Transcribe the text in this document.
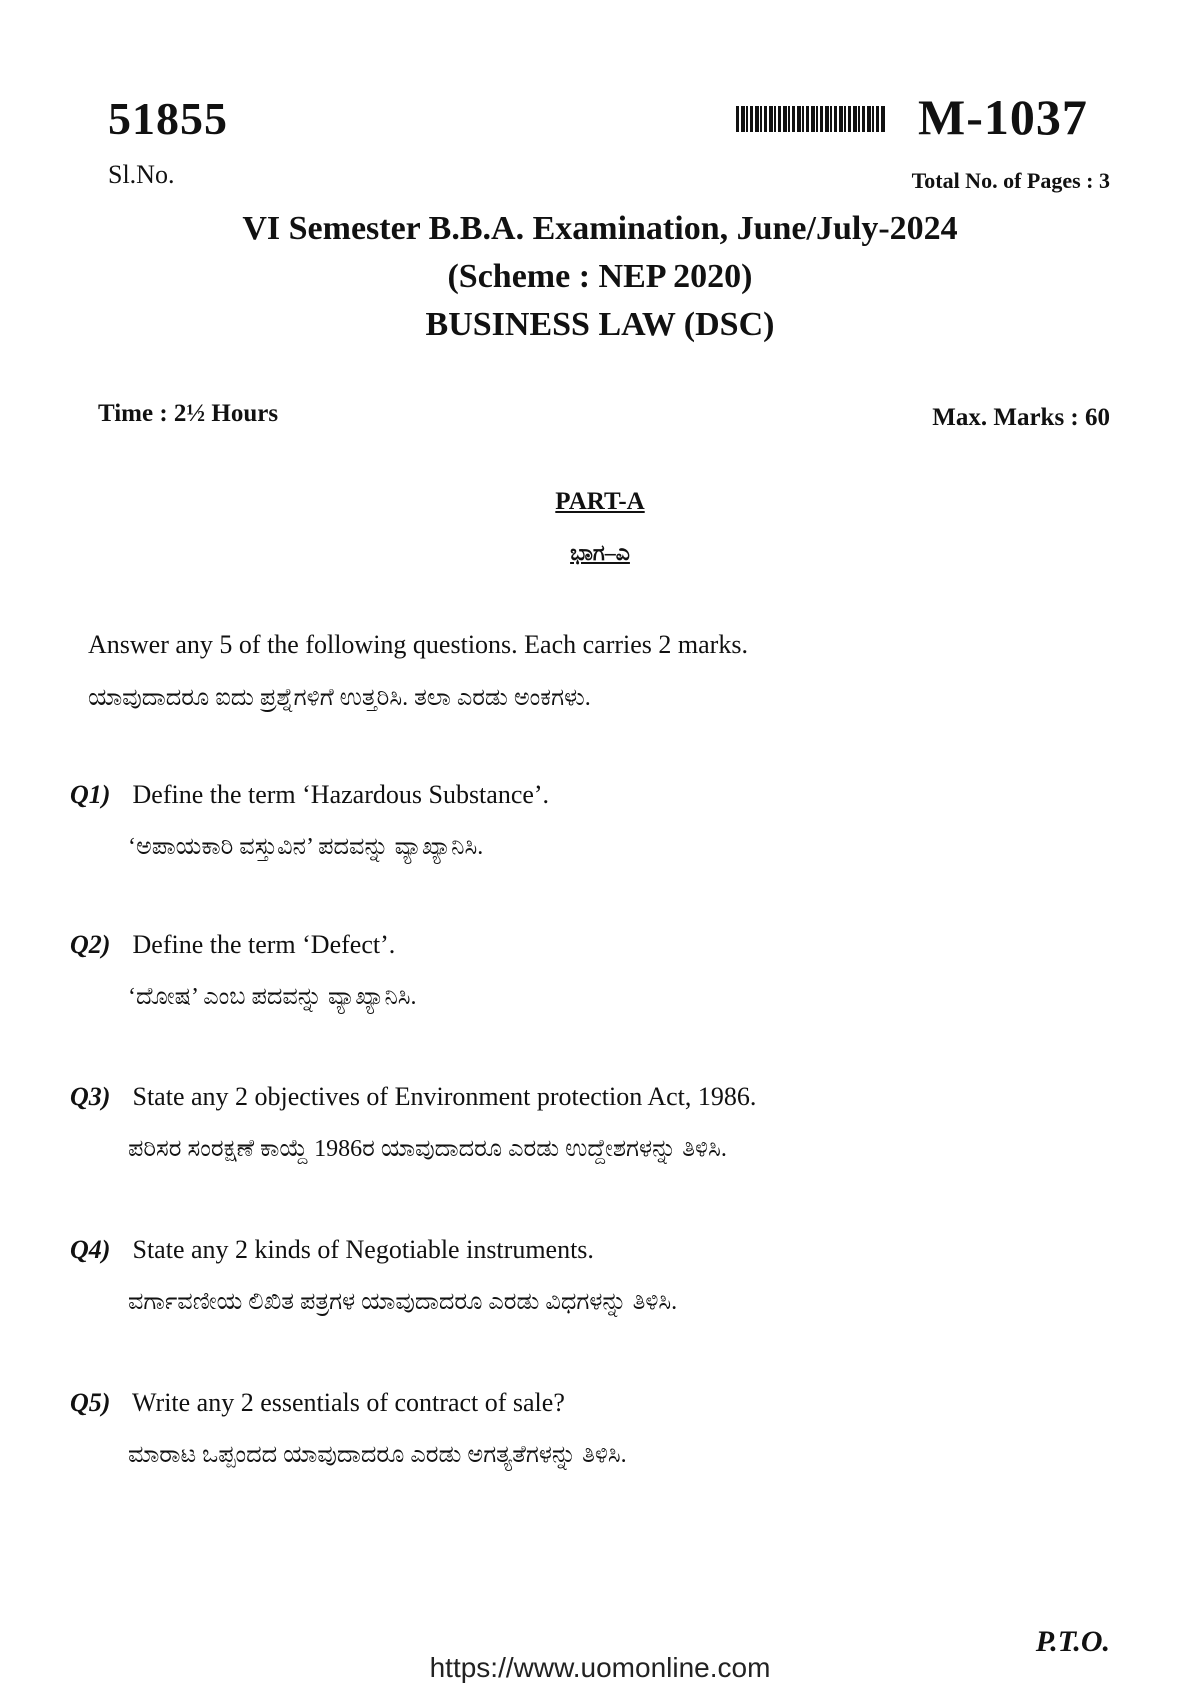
51855
Sl.No.
M-1037
Total No. of Pages : 3
VI Semester B.B.A. Examination, June/July-2024
(Scheme : NEP 2020)
BUSINESS LAW (DSC)
Time : 2½ Hours	Max. Marks : 60
PART-A
ಭಾಗ–ಎ
Answer any 5 of the following questions. Each carries 2 marks.
ಯಾವುದಾದರೂ ಐದು ಪ್ರಶ್ನೆಗಳಿಗೆ ಉತ್ತರಿಸಿ. ತಲಾ ಎರಡು ಅಂಕಗಳು.
Q1) Define the term ‘Hazardous Substance’.
‘ಅಪಾಯಕಾರಿ ವಸ್ತುವಿನ’ ಪದವನ್ನು ವ್ಯಾಖ್ಯಾನಿಸಿ.
Q2) Define the term ‘Defect’.
‘ದೋಷ’ ಎಂಬ ಪದವನ್ನು ವ್ಯಾಖ್ಯಾನಿಸಿ.
Q3) State any 2 objectives of Environment protection Act, 1986.
ಪರಿಸರ ಸಂರಕ್ಷಣೆ ಕಾಯ್ದೆ 1986ರ ಯಾವುದಾದರೂ ಎರಡು ಉದ್ದೇಶಗಳನ್ನು ತಿಳಿಸಿ.
Q4) State any 2 kinds of Negotiable instruments.
ವರ್ಗಾವಣೀಯ ಲಿಖಿತ ಪತ್ರಗಳ ಯಾವುದಾದರೂ ಎರಡು ವಿಧಗಳನ್ನು ತಿಳಿಸಿ.
Q5) Write any 2 essentials of contract of sale?
ಮಾರಾಟ ಒಪ್ಪಂದದ ಯಾವುದಾದರೂ ಎರಡು ಅಗತ್ಯತೆಗಳನ್ನು ತಿಳಿಸಿ.
P.T.O.
https://www.uomonline.com
